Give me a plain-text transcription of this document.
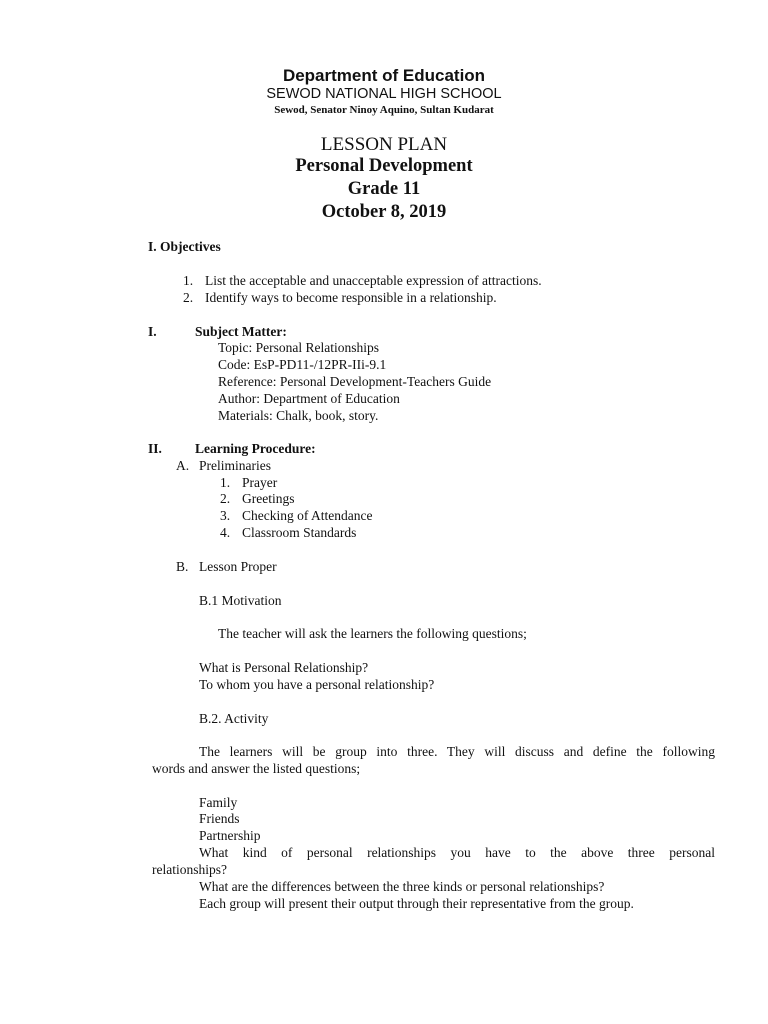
Department of Education
SEWOD NATIONAL HIGH SCHOOL
Sewod, Senator Ninoy Aquino, Sultan Kudarat
LESSON PLAN
Personal Development
Grade 11
October 8, 2019
I. Objectives
1. List the acceptable and unacceptable expression of attractions.
2. Identify ways to become responsible in a relationship.
I.	Subject Matter:
Topic: Personal Relationships
Code: EsP-PD11-/12PR-IIi-9.1
Reference: Personal Development-Teachers Guide
Author: Department of Education
Materials: Chalk, book, story.
II. Learning Procedure:
A. Preliminaries
1. Prayer
2. Greetings
3. Checking of Attendance
4. Classroom Standards
B. Lesson Proper
B.1 Motivation
The teacher will ask the learners the following questions;
What is Personal Relationship?
To whom you have a personal relationship?
B.2. Activity
The learners will be group into three. They will discuss and define the following
words and answer the listed questions;
Family
Friends
Partnership
What kind of personal relationships you have to the above three personal
relationships?
What are the differences between the three kinds or personal relationships?
Each group will present their output through their representative from the group.
